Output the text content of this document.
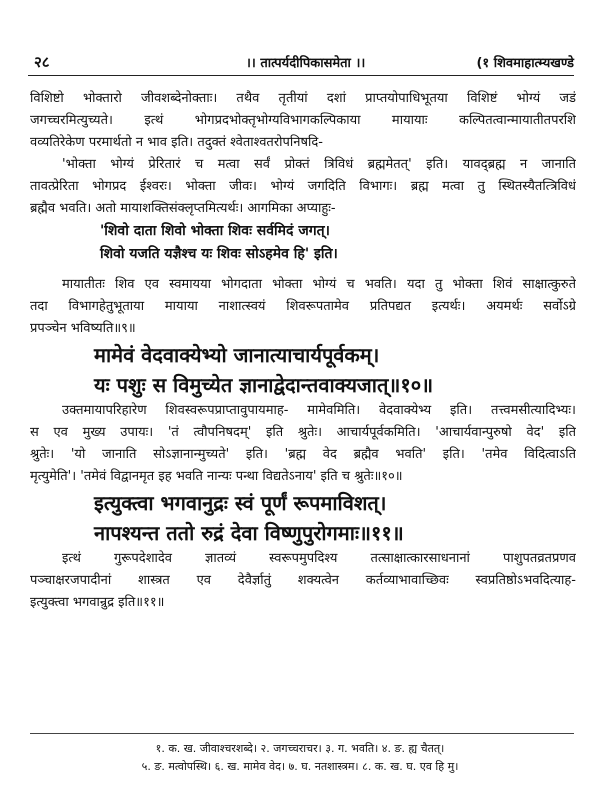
२८	।। तात्पर्यदीपिकासमेता ।।	(१ शिवमाहात्म्यखण्डे
विशिष्टो भोक्तारो जीवशब्देनोक्ताः। तथैव तृतीयां दशां प्राप्तयोपाधिभूतया विशिष्टं भोग्यं जडं
जगच्चरमित्युच्यते। इत्थं भोगप्रदभोक्तृभोग्यविभागकल्पिकाया मायायाः कल्पितत्वान्मायातीतपरशि
वव्यतिरेकेण परमार्थतो न भाव इति। तदुक्तं श्वेताश्वतरोपनिषदि-
'भोक्ता भोग्यं प्रेरितारं च मत्वा सर्वं प्रोक्तं त्रिविधं ब्रह्ममेतत्' इति। यावद्ब्रह्म न जानाति
तावत्प्रेरिता भोगप्रद ईश्वरः। भोक्ता जीवः। भोग्यं जगदिति विभागः। ब्रह्म मत्वा तु स्थितस्यैतत्त्रिविधं
ब्रह्मैव भवति। अतो मायाशक्तिसंक्लृप्तमित्यर्थः। आगमिका अप्याहुः-
'शिवो दाता शिवो भोक्ता शिवः सर्वमिदं जगत्।
शिवो यजति यज्ञैश्च यः शिवः सोऽहमेव हि' इति।
मायातीतः शिव एव स्वमायया भोगदाता भोक्ता भोग्यं च भवति। यदा तु भोक्ता शिवं साक्षात्कुरुते
तदा विभागहेतुभूताया मायाया नाशात्स्वयं शिवरूपतामेव प्रतिपद्यत इत्यर्थः। अयमर्थः सर्वोऽग्रे
प्रपञ्चेन भविष्यति॥९॥
मामेवं वेदवाक्येभ्यो जानात्याचार्यपूर्वकम्।
यः पशुः स विमुच्येत ज्ञानाद्वेदान्तवाक्यजात्॥१०॥
उक्तमायापरिहारेण शिवस्वरूपप्राप्तावुपायमाह- मामेवमिति। वेदवाक्येभ्य इति। तत्त्वमसीत्यादिभ्यः।
स एव मुख्य उपायः। 'तं त्वौपनिषदम्' इति श्रुतेः। आचार्यपूर्वकमिति। 'आचार्यवान्पुरुषो वेद' इति
श्रुतेः। 'यो जानाति सोऽज्ञानान्मुच्यते' इति। 'ब्रह्म वेद ब्रह्मैव भवति' इति। 'तमेव विदित्वाऽति
मृत्युमेति'। 'तमेवं विद्वानमृत इह भवति नान्यः पन्था विद्यतेऽनाय' इति च श्रुतेः॥१०॥
इत्युक्त्वा भगवानुद्रः स्वं पूर्णं रूपमाविशत्।
नापश्यन्त ततो रुद्रं देवा विष्णुपुरोगमाः॥११॥
इत्थं गुरूपदेशादेव ज्ञातव्यं स्वरूपमुपदिश्य तत्साक्षात्कारसाधनानां पाशुपतव्रतप्रणव
पञ्चाक्षरजपादीनां शास्त्रत एव देवैर्ज्ञातुं शक्यत्वेन कर्तव्याभावाच्छिवः स्वप्रतिष्ठोऽभवदित्याह-
इत्युक्त्वा भगवान्रुद्र इति॥११॥
१. क. ख. जीवाश्चरशब्दे। २. जगच्चराचर। ३. ग. भवति। ४. ङ. ह्य चैतत्।
५. ङ. मत्वोपस्थि। ६. ख. मामेव वेद। ७. घ. नतशास्त्रम। ८. क. ख. घ. एव हि मु।
